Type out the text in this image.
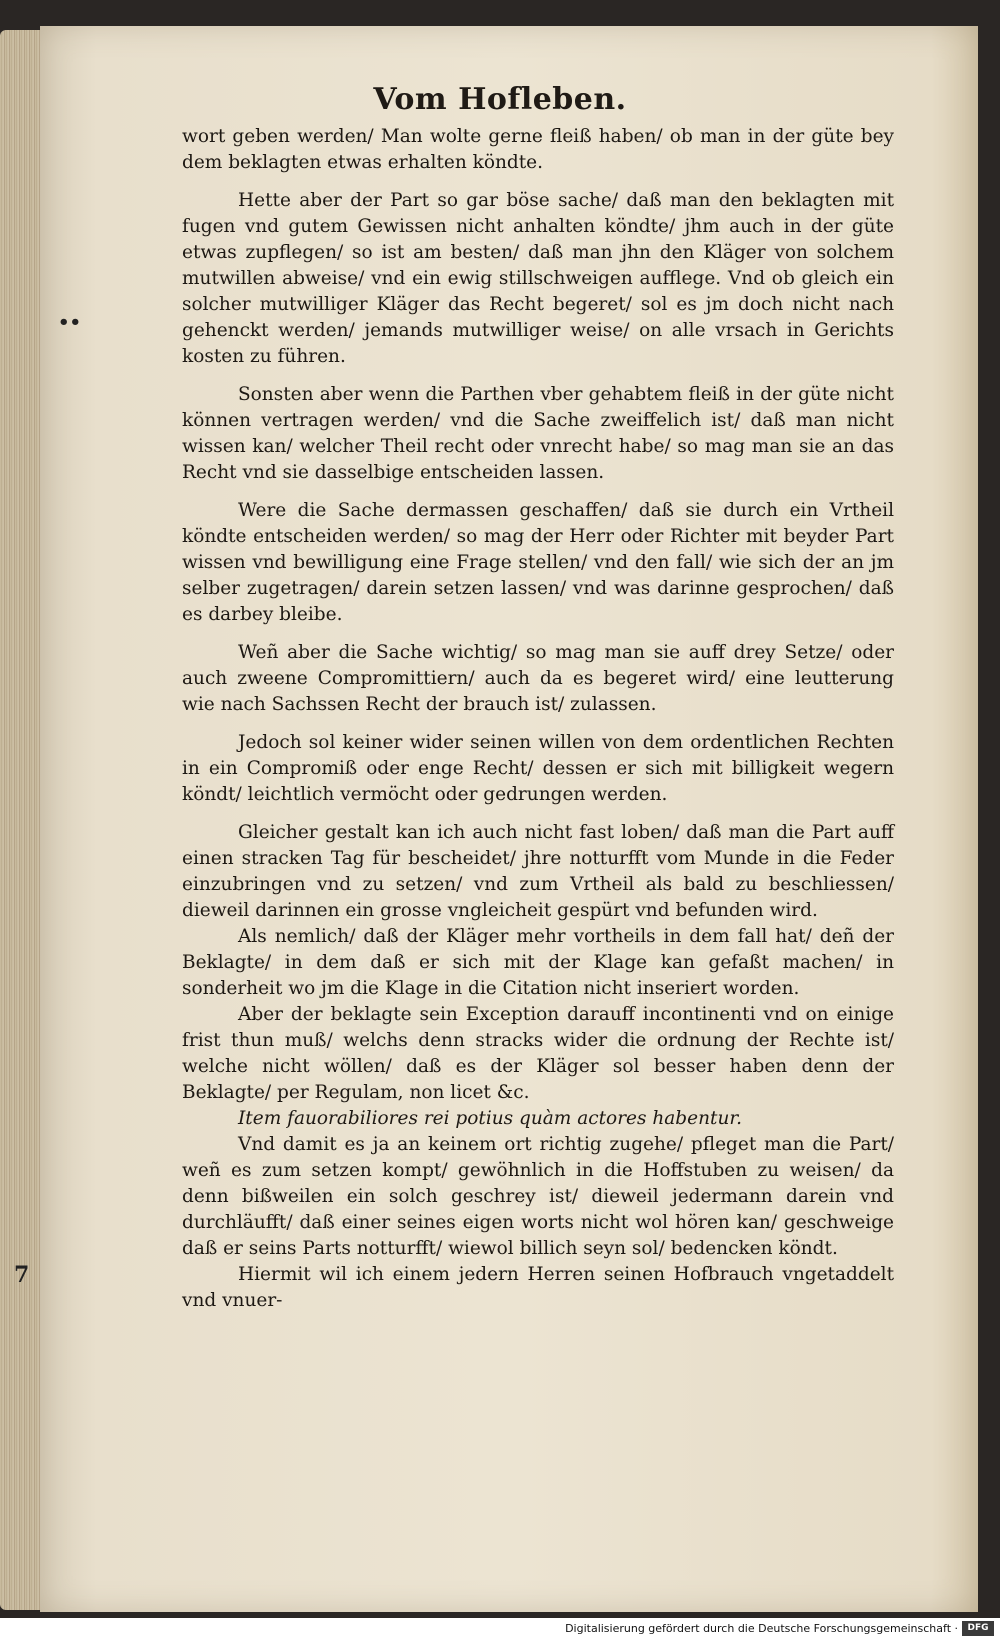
Vom Hofleben.
••
7

wort geben werden/ Man wolte gerne fleiß haben/ ob man in der güte bey dem beklagten etwas erhalten köndte.

Hette aber der Part so gar böse sache/ daß man den beklagten mit fugen vnd gutem Gewissen nicht anhalten köndte/ jhm auch in der güte etwas zupflegen/ so ist am besten/ daß man jhn den Kläger von solchem mutwillen abweise/ vnd ein ewig stillschweigen aufflege. Vnd ob gleich ein solcher mutwilliger Kläger das Recht begeret/ sol es jm doch nicht nach gehenckt werden/ jemands mutwilliger weise/ on alle vrsach in Gerichts kosten zu führen.

Sonsten aber wenn die Parthen vber gehabtem fleiß in der güte nicht können vertragen werden/ vnd die Sache zweiffelich ist/ daß man nicht wissen kan/ welcher Theil recht oder vnrecht habe/ so mag man sie an das Recht vnd sie dasselbige entscheiden lassen.

Were die Sache dermassen geschaffen/ daß sie durch ein Vrtheil köndte entscheiden werden/ so mag der Herr oder Richter mit beyder Part wissen vnd bewilligung eine Frage stellen/ vnd den fall/ wie sich der an jm selber zugetragen/ darein setzen lassen/ vnd was darinne gesprochen/ daß es darbey bleibe.

Weñ aber die Sache wichtig/ so mag man sie auff drey Setze/ oder auch zweene Compromittiern/ auch da es begeret wird/ eine leutterung wie nach Sachssen Recht der brauch ist/ zulassen.

Jedoch sol keiner wider seinen willen von dem ordentlichen Rechten in ein Compromiß oder enge Recht/ dessen er sich mit billigkeit wegern köndt/ leichtlich vermöcht oder gedrungen werden.

Gleicher gestalt kan ich auch nicht fast loben/ daß man die Part auff einen stracken Tag für bescheidet/ jhre notturfft vom Munde in die Feder einzubringen vnd zu setzen/ vnd zum Vrtheil als bald zu beschliessen/ dieweil darinnen ein grosse vngleicheit gespürt vnd befunden wird.

Als nemlich/ daß der Kläger mehr vortheils in dem fall hat/ deñ der Beklagte/ in dem daß er sich mit der Klage kan gefaßt machen/ in sonderheit wo jm die Klage in die Citation nicht inseriert worden.

Aber der beklagte sein Exception darauff incontinenti vnd on einige frist thun muß/ welchs denn stracks wider die ordnung der Rechte ist/ welche nicht wöllen/ daß es der Kläger sol besser haben denn der Beklagte/ per Regulam, non licet &c.

Item fauorabiliores rei potius quàm actores habentur.

Vnd damit es ja an keinem ort richtig zugehe/ pfleget man die Part/ weñ es zum setzen kompt/ gewöhnlich in die Hoffstuben zu weisen/ da denn bißweilen ein solch geschrey ist/ dieweil jedermann darein vnd durchläufft/ daß einer seines eigen worts nicht wol hören kan/ geschweige daß er seins Parts notturfft/ wiewol billich seyn sol/ bedencken köndt.

Hiermit wil ich einem jedern Herren seinen Hofbrauch vngetaddelt vnd vnuer-

Digitalisierung gefördert durch die Deutsche Forschungsgemeinschaft ·	DFG
